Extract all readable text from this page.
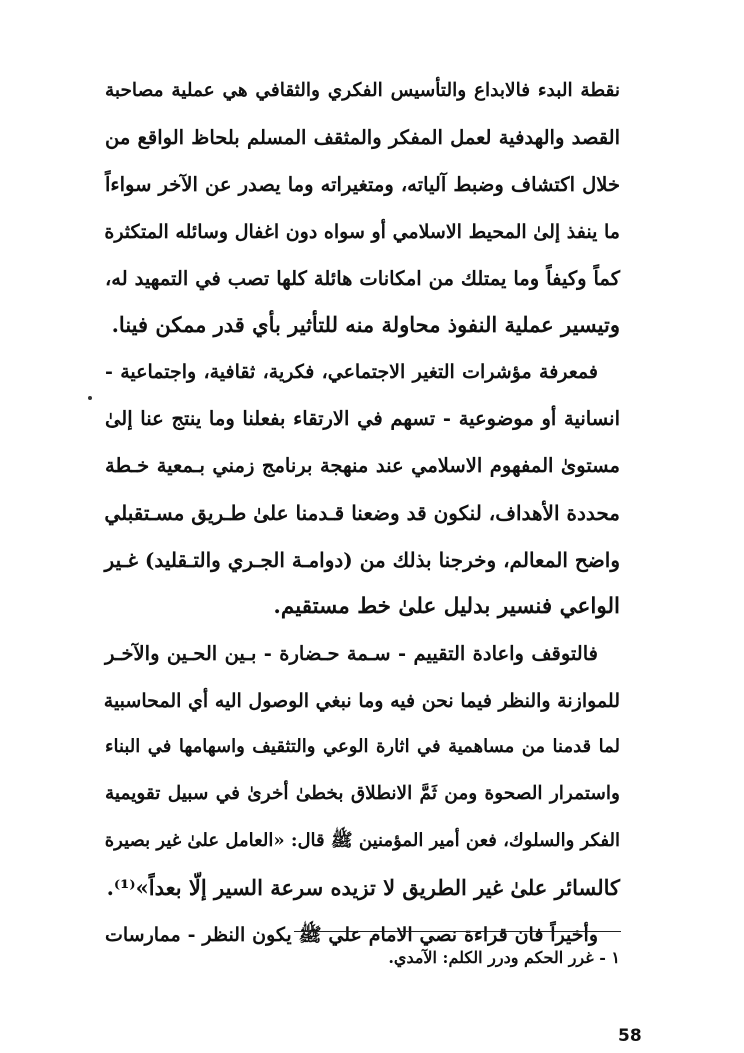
نقطة البدء فالابداع والتأسيس الفكري والثقافي هي عملية مصاحبة
القصد والهدفية لعمل المفكر والمثقف المسلم بلحاظ الواقع من
خلال اكتشاف وضبط آلياته، ومتغيراته وما يصدر عن الآخر سواءاً
ما ينفذ إلىٰ المحيط الاسلامي أو سواه دون اغفال وسائله المتكثرة
كماً وكيفاً وما يمتلك من امكانات هائلة كلها تصب في التمهيد له،
وتيسير عملية النفوذ محاولة منه للتأثير بأي قدر ممكن فينا.
فمعرفة مؤشرات التغير الاجتماعي، فكرية، ثقافية، واجتماعية -
انسانية أو موضوعية - تسهم في الارتقاء بفعلنا وما ينتج عنا إلىٰ
مستوىٰ المفهوم الاسلامي عند منهجة برنامج زمني بـمعية خـطة
محددة الأهداف، لنكون قد وضعنا قـدمنا علىٰ طـريق مسـتقبلي
واضح المعالم، وخرجنا بذلك من (دوامـة الجـري والتـقليد) غـير
الواعي فنسير بدليل علىٰ خط مستقيم.
فالتوقف واعادة التقييم - سـمة حـضارة - بـين الحـين والآخـر
للموازنة والنظر فيما نحن فيه وما نبغي الوصول اليه أي المحاسبية
لما قدمنا من مساهمية في اثارة الوعي والتثقيف واسهامها في البناء
واستمرار الصحوة ومن ثَمَّ الانطلاق بخطىٰ أخرىٰ في سبيل تقويمية
الفكر والسلوك، فعن أمير المؤمنين ﷺ قال: «العامل علىٰ غير بصيرة
كالسائر علىٰ غير الطريق لا تزيده سرعة السير إلّا بعداً»⁽¹⁾.
وأخيراً فان قراءة نصي الامام علي ﷺ يكون النظر - ممارسات
١ - غرر الحكم ودرر الكلم: الآمدي.
58
